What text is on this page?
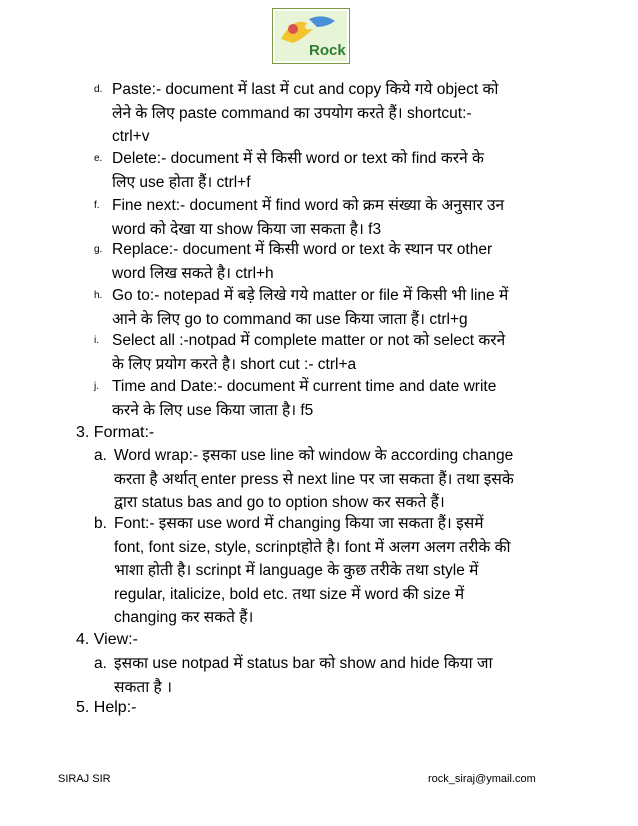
Rock
d. Paste:- document में last में cut and copy किये गये object को
लेने के लिए paste command का उपयोग करते हैं। shortcut:-
ctrl+v
e. Delete:- document में से किसी word or text को find करने के
लिए use होता हैं। ctrl+f
f. Fine next:- document में find word को क्रम संख्या के अनुसार उन
word को देखा या show किया जा सकता है। f3
g. Replace:- document में किसी word or text के स्थान पर other
word लिख सकते है। ctrl+h
h. Go to:- notepad में बड़े लिखे गये matter or file में किसी भी line में
आने के लिए go to command का use किया जाता हैं। ctrl+g
i. Select all :-notpad में complete matter or not को select करने
के लिए प्रयोग करते है। short cut :- ctrl+a
j. Time and Date:- document में current time and date write
करने के लिए use किया जाता है। f5
3. Format:-
a. Word wrap:- इसका use line को window के according change
करता है अर्थात् enter press से next line पर जा सकता हैं। तथा इसके
द्वारा status bas and go to option show कर सकते हैं।
b. Font:- इसका use word में changing किया जा सकता हैं। इसमें
font, font size, style, scrinptहोते है। font में अलग अलग तरीके की
भाशा होती है। scrinpt में language के कुछ तरीके तथा style में
regular, italicize, bold etc. तथा size में word की size में
changing कर सकते हैं।
4. View:-
a. इसका use notpad में status bar को show and hide किया जा
सकता है ।
5. Help:-
SIRAJ SIR	rock_siraj@ymail.com
